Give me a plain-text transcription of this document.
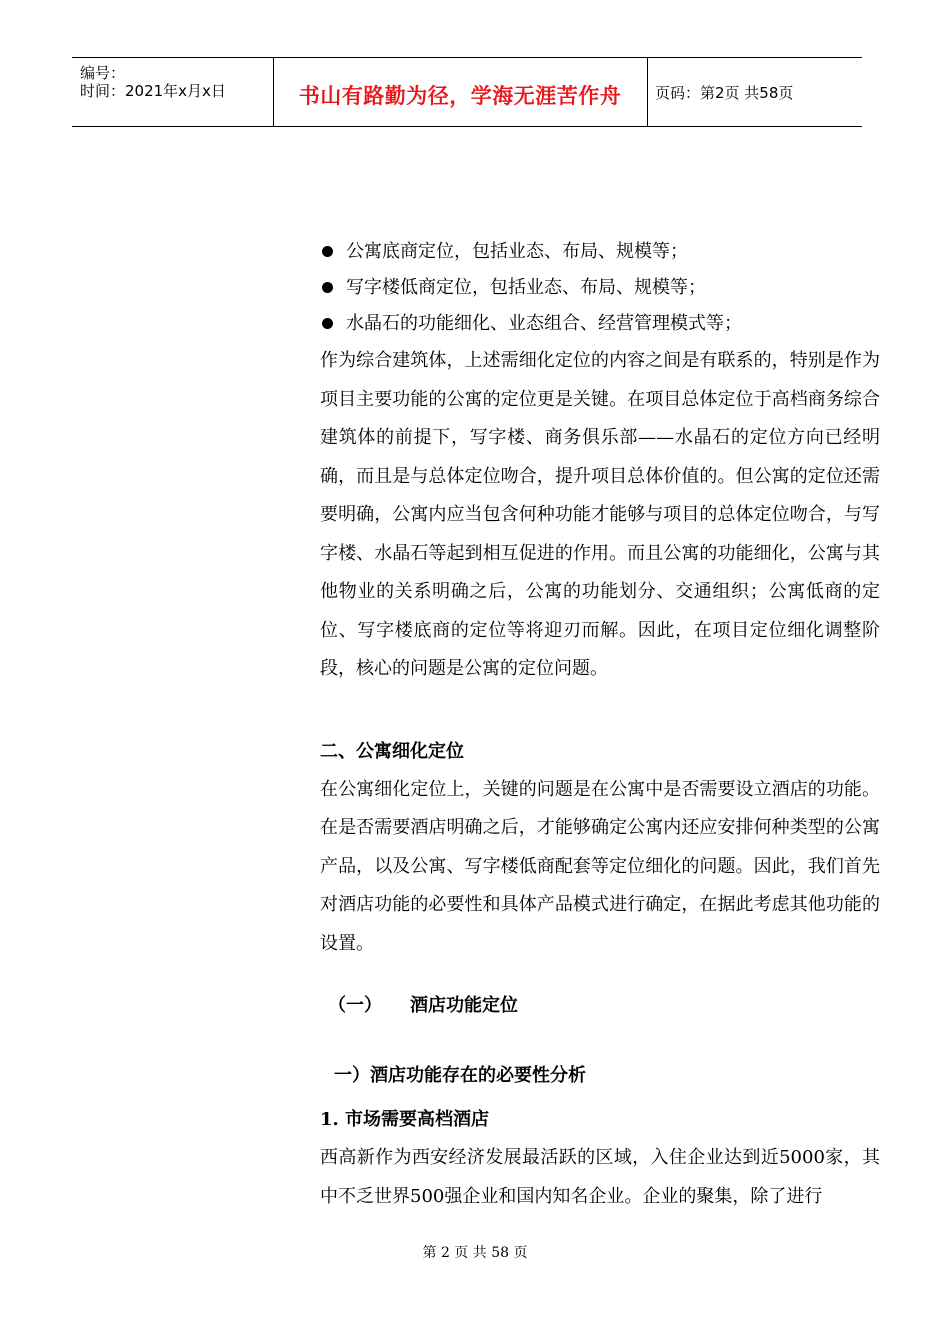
编号：
时间：2021年x月x日	书山有路勤为径，学海无涯苦作舟	页码：第2页 共58页
公寓底商定位，包括业态、布局、规模等；
写字楼低商定位，包括业态、布局、规模等；
水晶石的功能细化、业态组合、经营管理模式等；
作为综合建筑体，上述需细化定位的内容之间是有联系的，特别是作为项目主要功能的公寓的定位更是关键。在项目总体定位于高档商务综合建筑体的前提下，写字楼、商务俱乐部——水晶石的定位方向已经明确，而且是与总体定位吻合，提升项目总体价值的。但公寓的定位还需要明确，公寓内应当包含何种功能才能够与项目的总体定位吻合，与写字楼、水晶石等起到相互促进的作用。而且公寓的功能细化，公寓与其他物业的关系明确之后，公寓的功能划分、交通组织；公寓低商的定位、写字楼底商的定位等将迎刃而解。因此，在项目定位细化调整阶段，核心的问题是公寓的定位问题。
二、公寓细化定位
在公寓细化定位上，关键的问题是在公寓中是否需要设立酒店的功能。在是否需要酒店明确之后，才能够确定公寓内还应安排何种类型的公寓产品，以及公寓、写字楼低商配套等定位细化的问题。因此，我们首先对酒店功能的必要性和具体产品模式进行确定，在据此考虑其他功能的设置。
（一） 酒店功能定位
一）酒店功能存在的必要性分析
1. 市场需要高档酒店
西高新作为西安经济发展最活跃的区域，入住企业达到近5000家，其中不乏世界500强企业和国内知名企业。企业的聚集，除了进行
第 2 页 共 58 页
